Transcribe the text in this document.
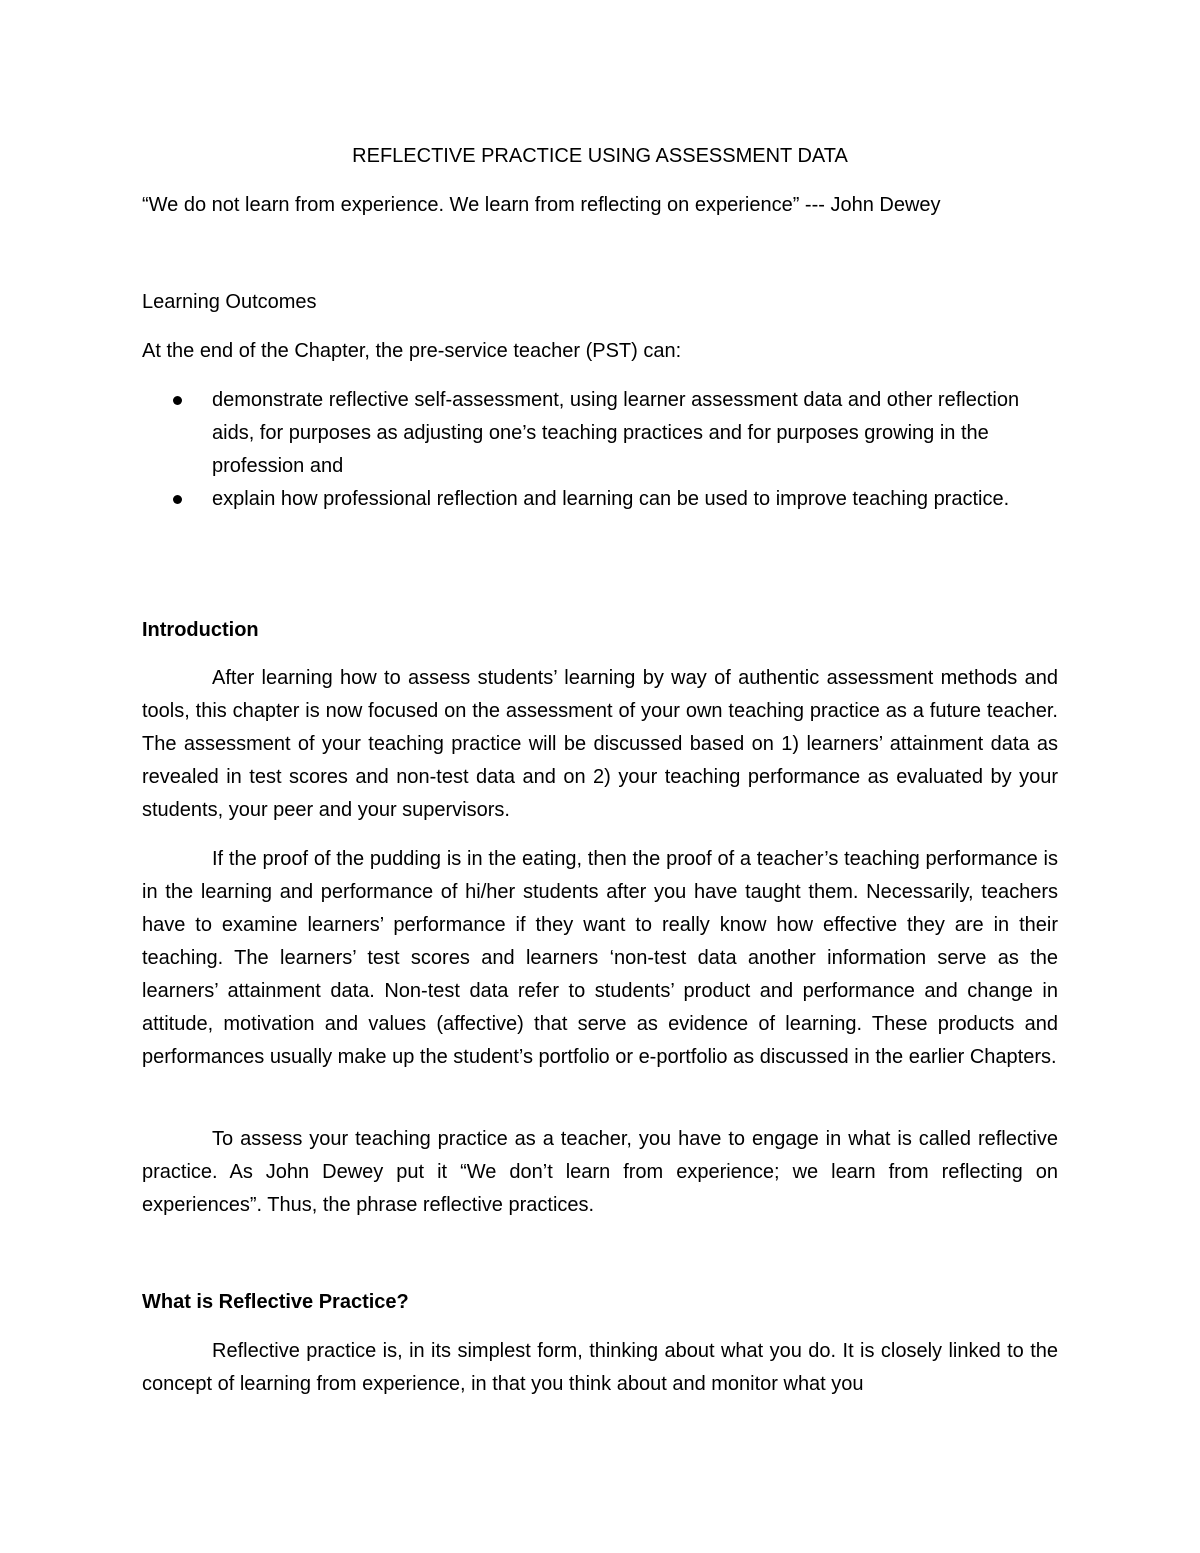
REFLECTIVE PRACTICE USING ASSESSMENT DATA

“We do not learn from experience. We learn from reflecting on experience” --- John Dewey

Learning Outcomes

At the end of the Chapter, the pre-service teacher (PST) can:

demonstrate reflective self-assessment, using learner assessment data and other reflection aids, for purposes as adjusting one’s teaching practices and for purposes growing in the profession and
explain how professional reflection and learning can be used to improve teaching practice.

Introduction

After learning how to assess students’ learning by way of authentic assessment methods and tools, this chapter is now focused on the assessment of your own teaching practice as a future teacher. The assessment of your teaching practice will be discussed based on 1) learners’ attainment data as revealed in test scores and non-test data and on 2) your teaching performance as evaluated by your students, your peer and your supervisors.

If the proof of the pudding is in the eating, then the proof of a teacher’s teaching performance is in the learning and performance of hi/her students after you have taught them. Necessarily, teachers have to examine learners’ performance if they want to really know how effective they are in their teaching. The learners’ test scores and learners ‘non-test data another information serve as the learners’ attainment data. Non-test data refer to students’ product and performance and change in attitude, motivation and values (affective) that serve as evidence of learning. These products and performances usually make up the student’s portfolio or e-portfolio as discussed in the earlier Chapters.

To assess your teaching practice as a teacher, you have to engage in what is called reflective practice. As John Dewey put it “We don’t learn from experience; we learn from reflecting on experiences”. Thus, the phrase reflective practices.

What is Reflective Practice?

Reflective practice is, in its simplest form, thinking about what you do. It is closely linked to the concept of learning from experience, in that you think about and monitor what you
